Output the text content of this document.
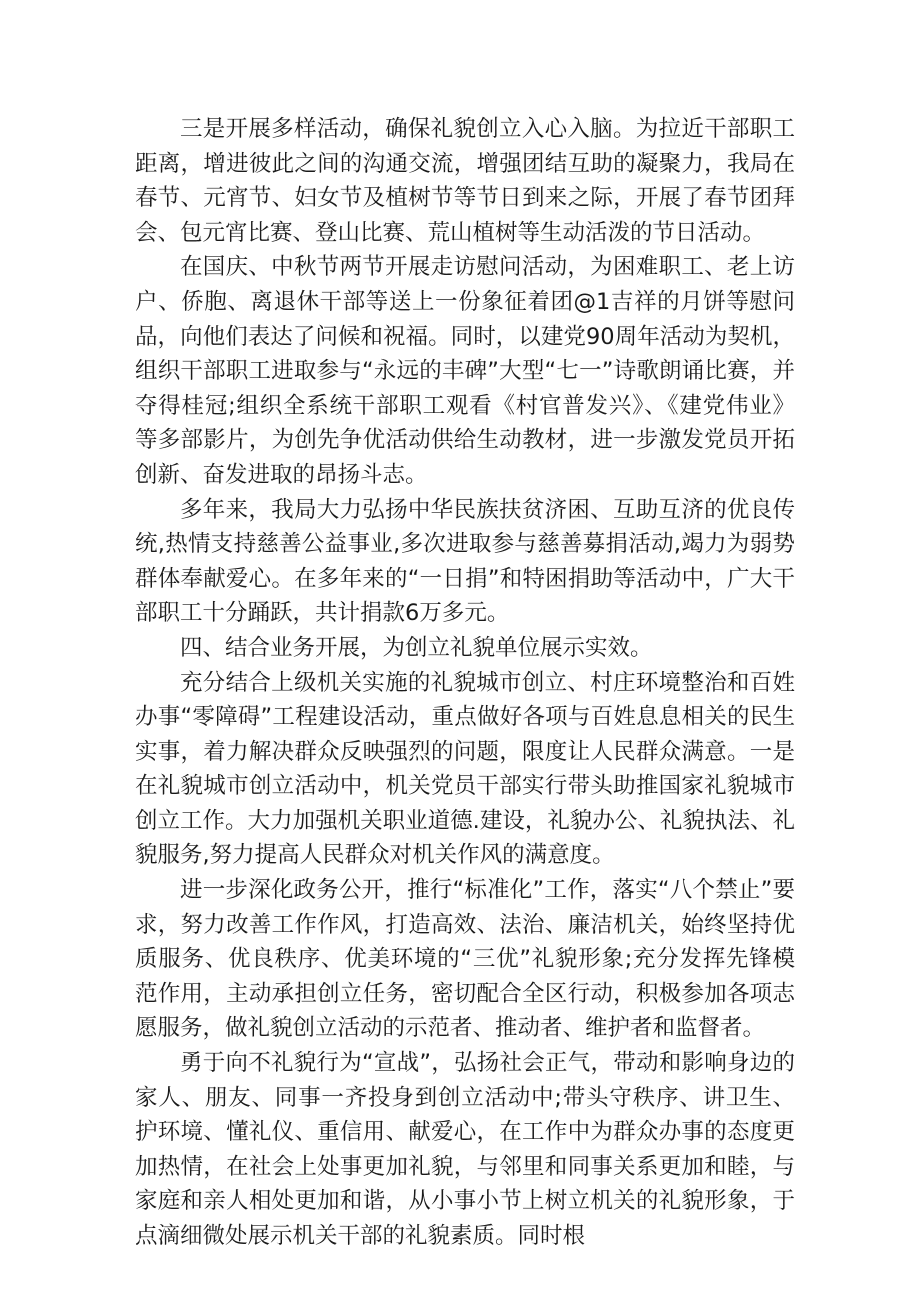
三是开展多样活动，确保礼貌创立入心入脑。为拉近干部职工距离，增进彼此之间的沟通交流，增强团结互助的凝聚力，我局在春节、元宵节、妇女节及植树节等节日到来之际，开展了春节团拜会、包元宵比赛、登山比赛、荒山植树等生动活泼的节日活动。

在国庆、中秋节两节开展走访慰问活动，为困难职工、老上访户、侨胞、离退休干部等送上一份象征着团@1吉祥的月饼等慰问品，向他们表达了问候和祝福。同时，以建党90周年活动为契机，组织干部职工进取参与“永远的丰碑”大型“七一”诗歌朗诵比赛，并夺得桂冠;组织全系统干部职工观看《村官普发兴》、《建党伟业》等多部影片，为创先争优活动供给生动教材，进一步激发党员开拓创新、奋发进取的昂扬斗志。

多年来，我局大力弘扬中华民族扶贫济困、互助互济的优良传统,热情支持慈善公益事业,多次进取参与慈善募捐活动,竭力为弱势群体奉献爱心。在多年来的“一日捐”和特困捐助等活动中，广大干部职工十分踊跃，共计捐款6万多元。

四、结合业务开展，为创立礼貌单位展示实效。

充分结合上级机关实施的礼貌城市创立、村庄环境整治和百姓办事“零障碍”工程建设活动，重点做好各项与百姓息息相关的民生实事，着力解决群众反映强烈的问题，限度让人民群众满意。一是在礼貌城市创立活动中，机关党员干部实行带头助推国家礼貌城市创立工作。大力加强机关职业道德.建设，礼貌办公、礼貌执法、礼貌服务,努力提高人民群众对机关作风的满意度。

进一步深化政务公开，推行“标准化”工作，落实“八个禁止”要求，努力改善工作作风，打造高效、法治、廉洁机关，始终坚持优质服务、优良秩序、优美环境的“三优”礼貌形象;充分发挥先锋模范作用，主动承担创立任务，密切配合全区行动，积极参加各项志愿服务，做礼貌创立活动的示范者、推动者、维护者和监督者。

勇于向不礼貌行为“宣战”，弘扬社会正气，带动和影响身边的家人、朋友、同事一齐投身到创立活动中;带头守秩序、讲卫生、护环境、懂礼仪、重信用、献爱心，在工作中为群众办事的态度更加热情，在社会上处事更加礼貌，与邻里和同事关系更加和睦，与家庭和亲人相处更加和谐，从小事小节上树立机关的礼貌形象，于点滴细微处展示机关干部的礼貌素质。同时根
